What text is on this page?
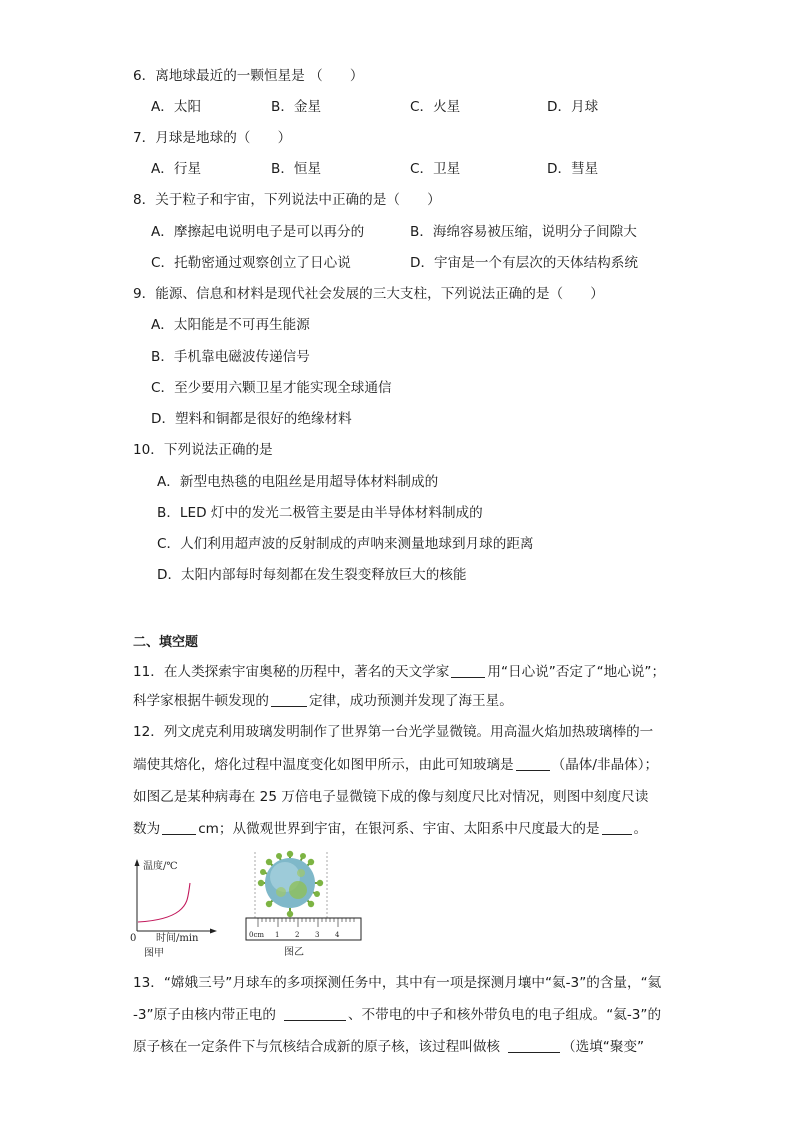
6．离地球最近的一颗恒星是 （　　）
A．太阳	B．金星	C．火星	D．月球
7．月球是地球的（　　）
A．行星	B．恒星	C．卫星	D．彗星
8．关于粒子和宇宙，下列说法中正确的是（　　）
A．摩擦起电说明电子是可以再分的	B．海绵容易被压缩，说明分子间隙大
C．托勒密通过观察创立了日心说	D．宇宙是一个有层次的天体结构系统
9．能源、信息和材料是现代社会发展的三大支柱，下列说法正确的是（　　）
A．太阳能是不可再生能源
B．手机靠电磁波传递信号
C．至少要用六颗卫星才能实现全球通信
D．塑料和铜都是很好的绝缘材料
10．下列说法正确的是
A．新型电热毯的电阻丝是用超导体材料制成的
B．LED 灯中的发光二极管主要是由半导体材料制成的
C．人们利用超声波的反射制成的声呐来测量地球到月球的距离
D．太阳内部每时每刻都在发生裂变释放巨大的核能
二、填空题
11．在人类探索宇宙奥秘的历程中，著名的天文学家	用“日心说”否定了“地心说”；
科学家根据牛顿发现的	定律，成功预测并发现了海王星。
12．列文虎克利用玻璃发明制作了世界第一台光学显微镜。用高温火焰加热玻璃棒的一
端使其熔化，熔化过程中温度变化如图甲所示，由此可知玻璃是	（晶体/非晶体）；
如图乙是某种病毒在 25 万倍电子显微镜下成的像与刻度尺比对情况，则图中刻度尺读
数为	cm；从微观世界到宇宙，在银河系、宇宙、太阳系中尺度最大的是	。
温度/℃
0 时间/min
图甲
0cm 1 2 3 4
图乙
13．“嫦娥三号”月球车的多项探测任务中，其中有一项是探测月壤中“氦-3”的含量，“氦
-3”原子由核内带正电的	、不带电的中子和核外带负电的电子组成。“氦-3”的
原子核在一定条件下与氘核结合成新的原子核，该过程叫做核	（选填“聚变”
